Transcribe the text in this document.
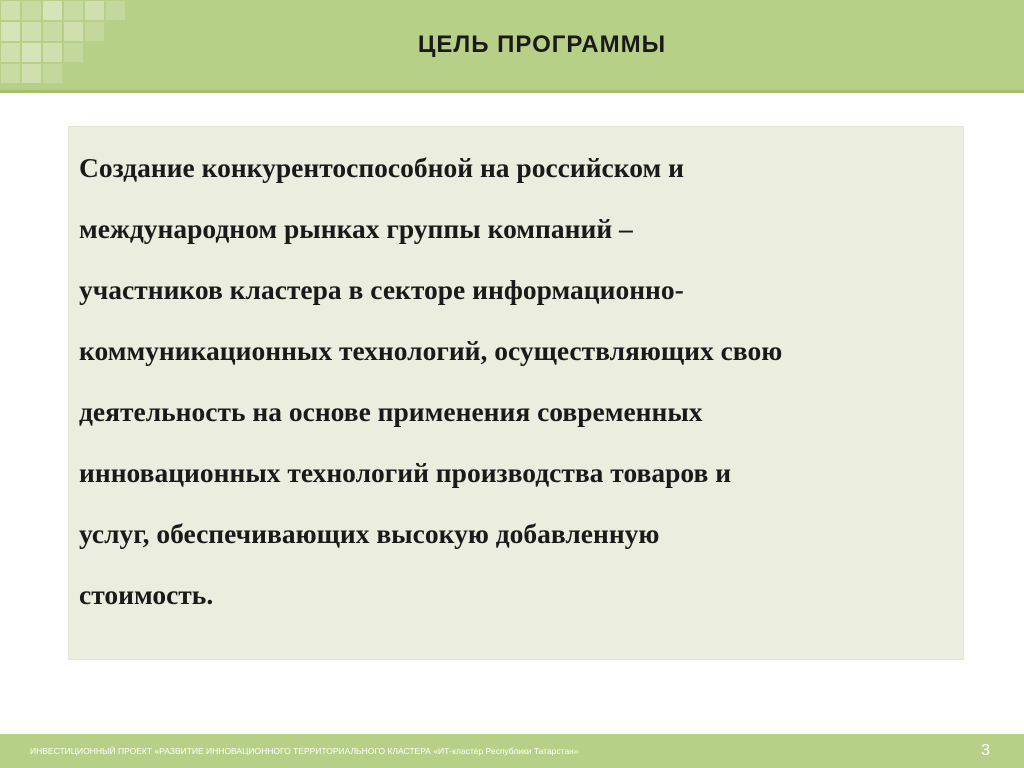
ЦЕЛЬ ПРОГРАММЫ
Создание конкурентоспособной на российском и
международном рынках группы компаний –
участников кластера в секторе информационно-
коммуникационных технологий, осуществляющих свою
деятельность на основе применения современных
инновационных технологий производства товаров и
услуг, обеспечивающих высокую добавленную
стоимость.
ИНВЕСТИЦИОННЫЙ ПРОЕКТ «РАЗВИТИЕ ИННОВАЦИОННОГО ТЕРРИТОРИАЛЬНОГО КЛАСТЕРА «ИТ-кластер Республики Татарстан»	3
